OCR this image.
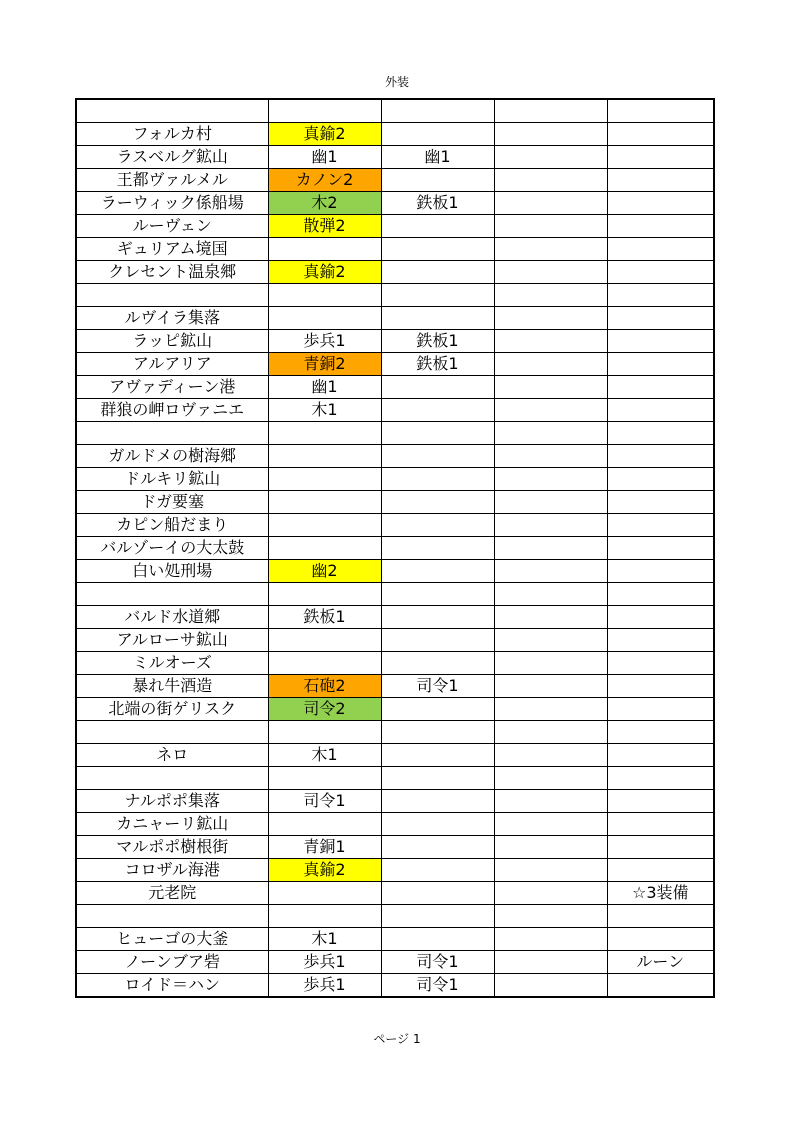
外装

フォルカ村	真鍮2			
ラスベルグ鉱山	幽1	幽1		
王都ヴァルメル	カノン2			
ラーウィック係船場	木2	鉄板1		
ルーヴェン	散弾2			
ギュリアム境国				
クレセント温泉郷	真鍮2			

ルヴイラ集落				
ラッピ鉱山	歩兵1	鉄板1		
アルアリア	青銅2	鉄板1		
アヴァディーン港	幽1			
群狼の岬ロヴァニエ	木1			

ガルドメの樹海郷				
ドルキリ鉱山				
ドガ要塞				
カピン船だまり				
バルゾーイの大太鼓				
白い処刑場	幽2			

バルド水道郷	鉄板1			
アルローサ鉱山				
ミルオーズ				
暴れ牛酒造	石砲2	司令1		
北端の街ゲリスク	司令2			

ネロ	木1			

ナルポポ集落	司令1			
カニャーリ鉱山				
マルポポ樹根街	青銅1			
コロザル海港	真鍮2			
元老院				☆3装備

ヒューゴの大釜	木1			
ノーンブア砦	歩兵1	司令1		ルーン
ロイド＝ハン	歩兵1	司令1		
ページ 1
